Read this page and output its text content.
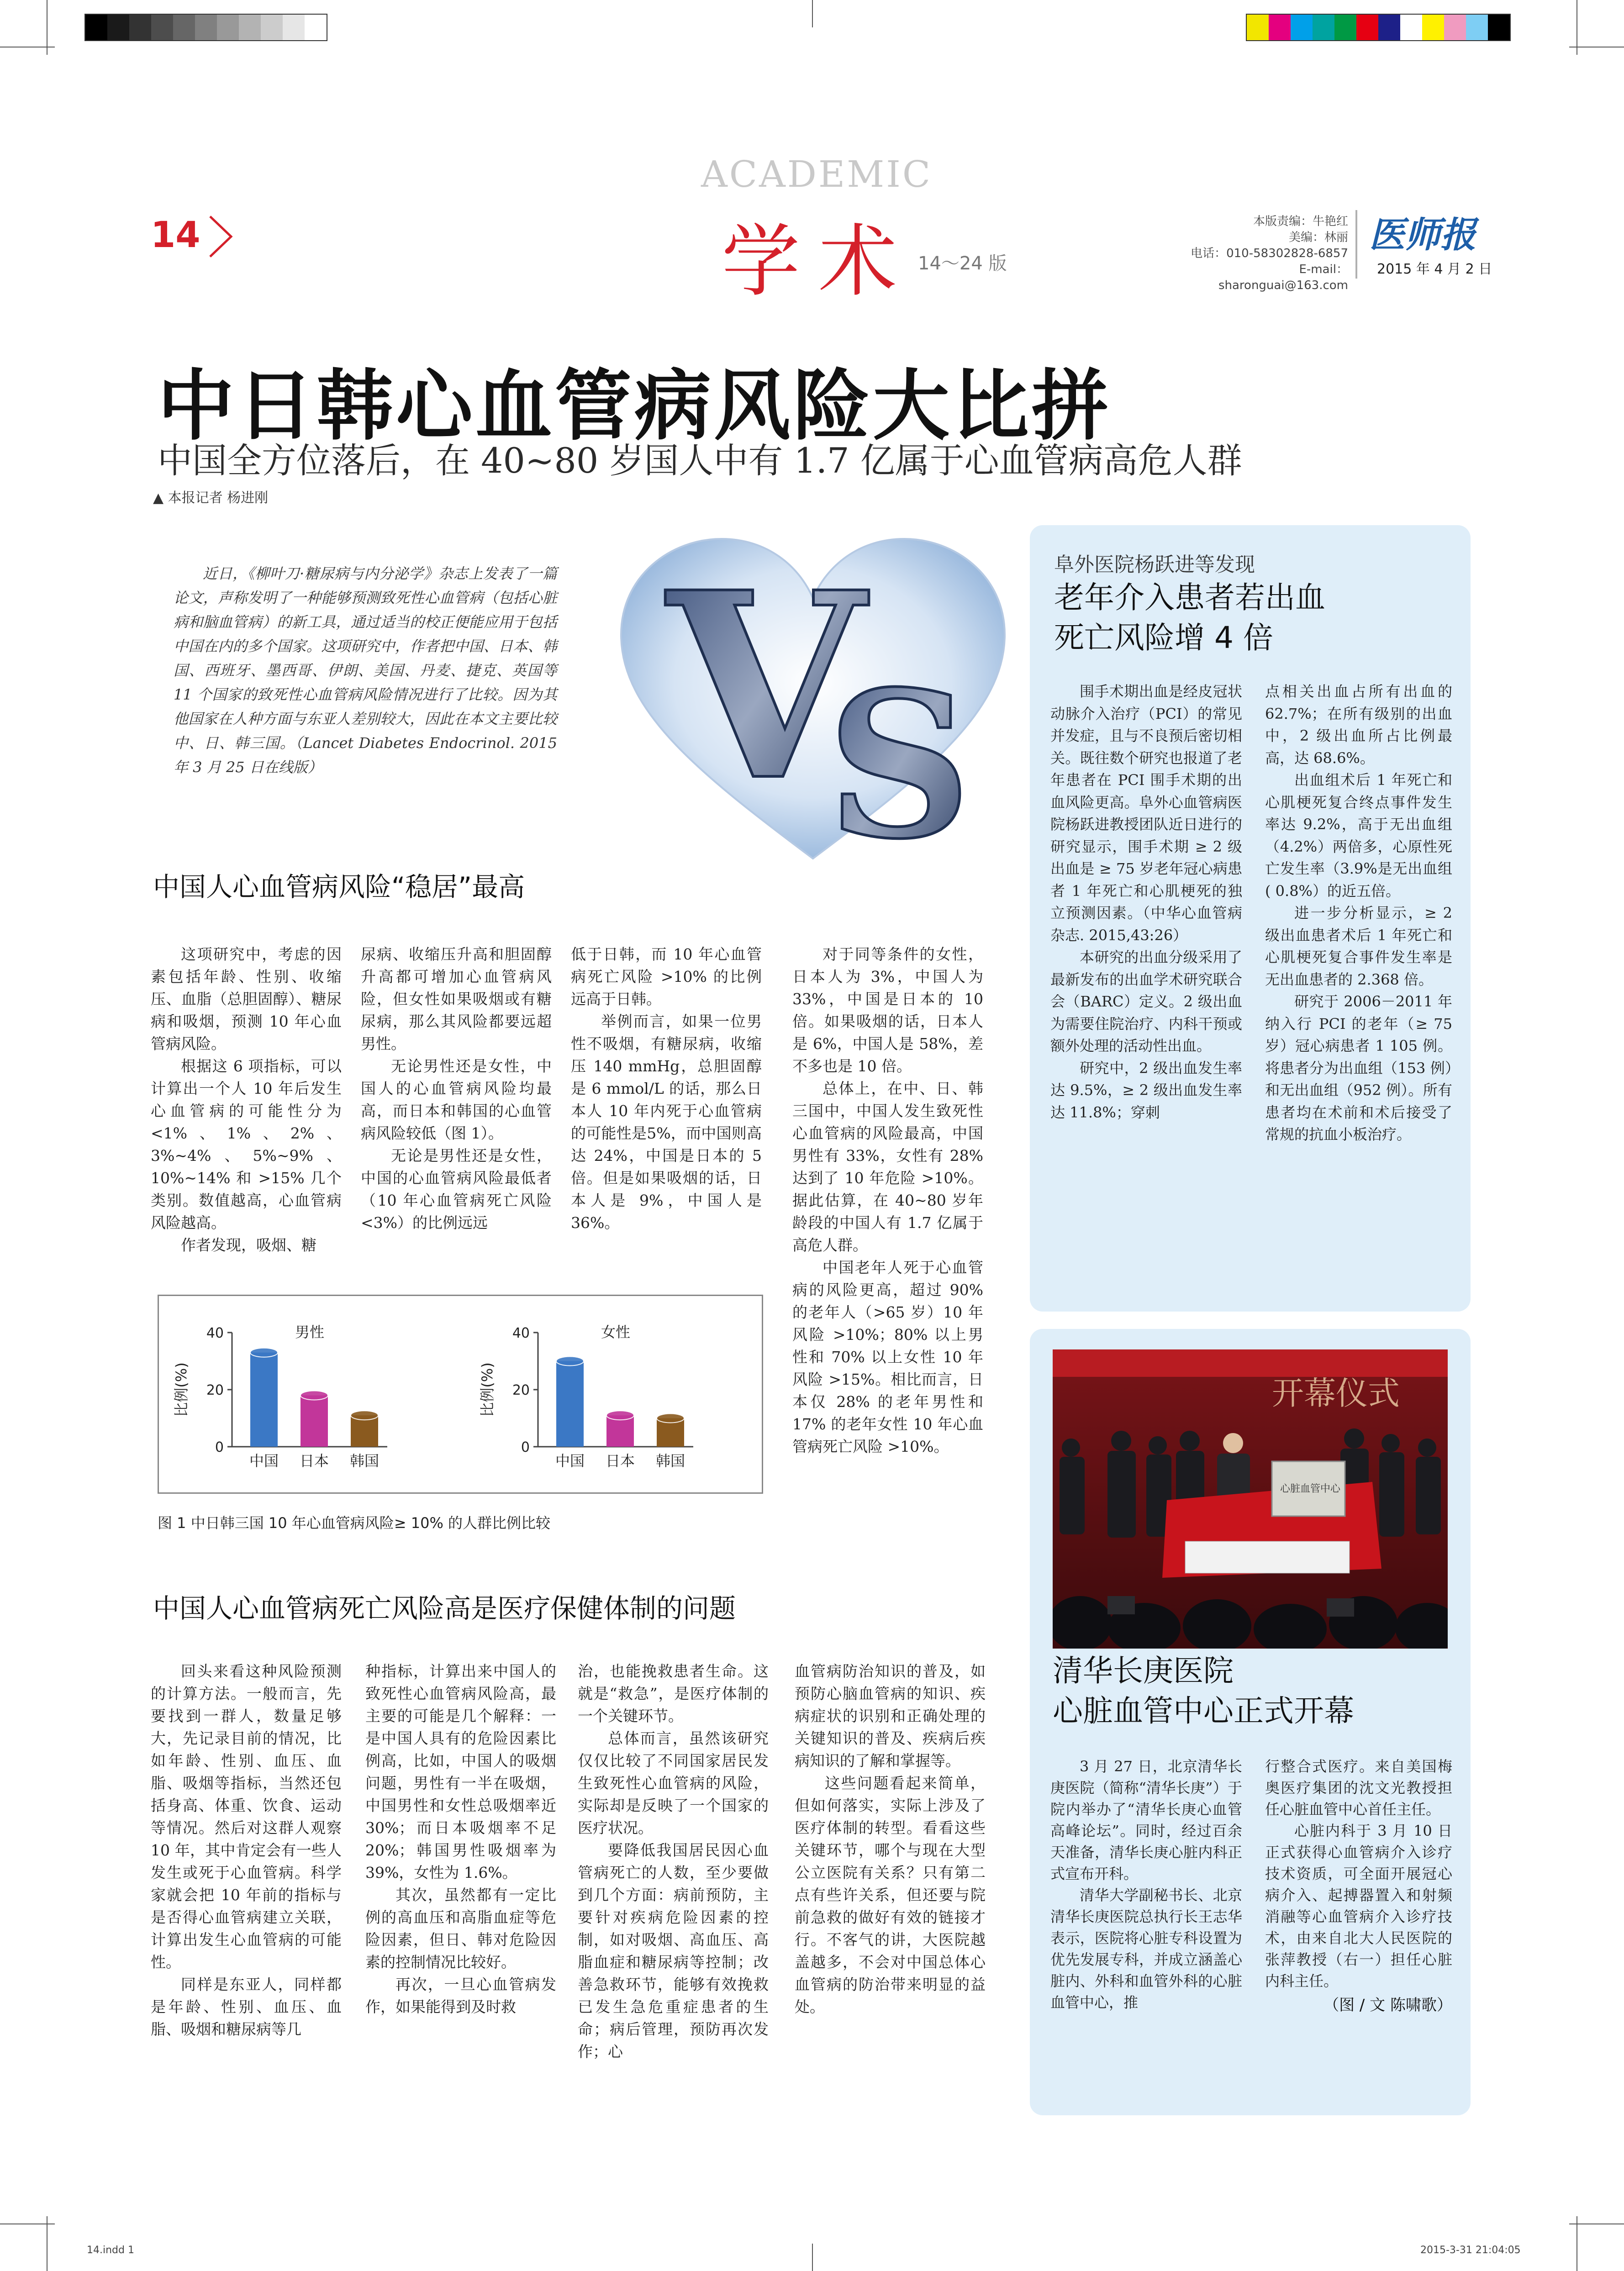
14
ACADEMIC
学术 14～24 版
本版责编：牛艳红
美编：林丽
电话：010-58302828-6857
E-mail：sharonguai@163.com
医师报
2015 年 4 月 2 日
中日韩心血管病风险大比拼
中国全方位落后，在 40~80 岁国人中有 1.7 亿属于心血管病高危人群
▲ 本报记者 杨进刚
近日，《柳叶刀·糖尿病与内分泌学》杂志上发表了一篇论文，声称发明了一种能够预测致死性心血管病（包括心脏病和脑血管病）的新工具，通过适当的校正便能应用于包括中国在内的多个国家。这项研究中，作者把中国、日本、韩国、西班牙、墨西哥、伊朗、美国、丹麦、捷克、英国等 11 个国家的致死性心血管病风险情况进行了比较。因为其他国家在人种方面与东亚人差别较大，因此在本文主要比较中、日、韩三国。（Lancet Diabetes Endocrinol. 2015 年 3 月 25 日在线版）	V
S
中国人心血管病风险“稳居”最高

这项研究中，考虑的因素包括年龄、性别、收缩压、血脂（总胆固醇）、糖尿病和吸烟，预测 10 年心血管病风险。

根据这 6 项指标，可以计算出一个人 10 年后发生心血管病的可能性分为<1%、1%、2%、3%~4%、5%~9%、10%~14% 和 >15% 几个类别。数值越高，心血管病风险越高。

作者发现，吸烟、糖

尿病、收缩压升高和胆固醇升高都可增加心血管病风险，但女性如果吸烟或有糖尿病，那么其风险都要远超男性。

无论男性还是女性，中国人的心血管病风险均最高，而日本和韩国的心血管病风险较低（图 1）。

无论是男性还是女性，中国的心血管病风险最低者（10 年心血管病死亡风险 <3%）的比例远远

低于日韩，而 10 年心血管病死亡风险 >10% 的比例远高于日韩。

举例而言，如果一位男性不吸烟，有糖尿病，收缩压 140 mmHg，总胆固醇是 6 mmol/L 的话，那么日本人 10 年内死于心血管病的可能性是5%，而中国则高达 24%，中国是日本的 5 倍。但是如果吸烟的话，日本人是 9%，中国人是 36%。

对于同等条件的女性，日本人为 3%，中国人为 33%，中国是日本的 10 倍。如果吸烟的话，日本人是 6%，中国人是 58%，差不多也是 10 倍。

总体上，在中、日、韩三国中，中国人发生致死性心血管病的风险最高，中国男性有 33%，女性有 28% 达到了 10 年危险 >10%。据此估算，在 40~80 岁年龄段的中国人有 1.7 亿属于高危人群。

中国老年人死于心血管病的风险更高，超过 90% 的老年人（>65 岁）10 年风险 >10%；80% 以上男性和 70% 以上女性 10 年风险 >15%。相比而言，日本仅 28% 的老年男性和 17% 的老年女性 10 年心血管病死亡风险 >10%。

男性
0
20
40
比例(%)
中国 日本 韩国
女性
0
20
40
比例(%)
中国 日本 韩国
图 1 中日韩三国 10 年心血管病风险≥ 10% 的人群比例比较
中国人心血管病死亡风险高是医疗保健体制的问题

回头来看这种风险预测的计算方法。一般而言，先要找到一群人，数量足够大，先记录目前的情况，比如年龄、性别、血压、血脂、吸烟等指标，当然还包括身高、体重、饮食、运动等情况。然后对这群人观察 10 年，其中肯定会有一些人发生或死于心血管病。科学家就会把 10 年前的指标与是否得心血管病建立关联，计算出发生心血管病的可能性。

同样是东亚人，同样都是年龄、性别、血压、血脂、吸烟和糖尿病等几

种指标，计算出来中国人的致死性心血管病风险高，最主要的可能是几个解释：一是中国人具有的危险因素比例高，比如，中国人的吸烟问题，男性有一半在吸烟，中国男性和女性总吸烟率近 30%；而日本吸烟率不足 20%；韩国男性吸烟率为 39%，女性为 1.6%。

其次，虽然都有一定比例的高血压和高脂血症等危险因素，但日、韩对危险因素的控制情况比较好。

再次，一旦心血管病发作，如果能得到及时救

治，也能挽救患者生命。这就是“救急”，是医疗体制的一个关键环节。

总体而言，虽然该研究仅仅比较了不同国家居民发生致死性心血管病的风险，实际却是反映了一个国家的医疗状况。

要降低我国居民因心血管病死亡的人数，至少要做到几个方面：病前预防，主要针对疾病危险因素的控制，如对吸烟、高血压、高脂血症和糖尿病等控制；改善急救环节，能够有效挽救已发生急危重症患者的生命；病后管理，预防再次发作；心

血管病防治知识的普及，如预防心脑血管病的知识、疾病症状的识别和正确处理的关键知识的普及、疾病后疾病知识的了解和掌握等。

这些问题看起来简单，但如何落实，实际上涉及了医疗体制的转型。看看这些关键环节，哪个与现在大型公立医院有关系？只有第二点有些许关系，但还要与院前急救的做好有效的链接才行。不客气的讲，大医院越盖越多，不会对中国总体心血管病的防治带来明显的益处。

阜外医院杨跃进等发现
老年介入患者若出血
死亡风险增 4 倍

围手术期出血是经皮冠状动脉介入治疗（PCI）的常见并发症，且与不良预后密切相关。既往数个研究也报道了老年患者在 PCI 围手术期的出血风险更高。阜外心血管病医院杨跃进教授团队近日进行的研究显示，围手术期 ≥ 2 级出血是 ≥ 75 岁老年冠心病患者 1 年死亡和心肌梗死的独立预测因素。（中华心血管病杂志. 2015,43:26）

本研究的出血分级采用了最新发布的出血学术研究联合会（BARC）定义。2 级出血为需要住院治疗、内科干预或额外处理的活动性出血。

研究中，2 级出血发生率达 9.5%，≥ 2 级出血发生率达 11.8%；穿刺

点相关出血占所有出血的 62.7%；在所有级别的出血中，2 级出血所占比例最高，达 68.6%。

出血组术后 1 年死亡和心肌梗死复合终点事件发生率达 9.2%，高于无出血组（4.2%）两倍多，心原性死亡发生率（3.9%是无出血组( 0.8%）的近五倍。

进一步分析显示，≥ 2 级出血患者术后 1 年死亡和心肌梗死复合事件发生率是无出血患者的 2.368 倍。

研究于 2006－2011 年纳入行 PCI 的老年（≥ 75 岁）冠心病患者 1 105 例。将患者分为出血组（153 例）和无出血组（952 例）。所有患者均在术前和术后接受了常规的抗血小板治疗。

开幕仪式
心脏血管中心
清华长庚医院
心脏血管中心正式开幕

3 月 27 日，北京清华长庚医院（简称“清华长庚”）于院内举办了“清华长庚心血管高峰论坛”。同时，经过百余天准备，清华长庚心脏内科正式宣布开科。

清华大学副秘书长、北京清华长庚医院总执行长王志华表示，医院将心脏专科设置为优先发展专科，并成立涵盖心脏内、外科和血管外科的心脏血管中心，推

行整合式医疗。来自美国梅奥医疗集团的沈文光教授担任心脏血管中心首任主任。

心脏内科于 3 月 10 日正式获得心血管病介入诊疗技术资质，可全面开展冠心病介入、起搏器置入和射频消融等心血管病介入诊疗技术，由来自北大人民医院的张萍教授（右一）担任心脏内科主任。

（图 / 文 陈啸歌）
14.indd 1	2015-3-31 21:04:05
